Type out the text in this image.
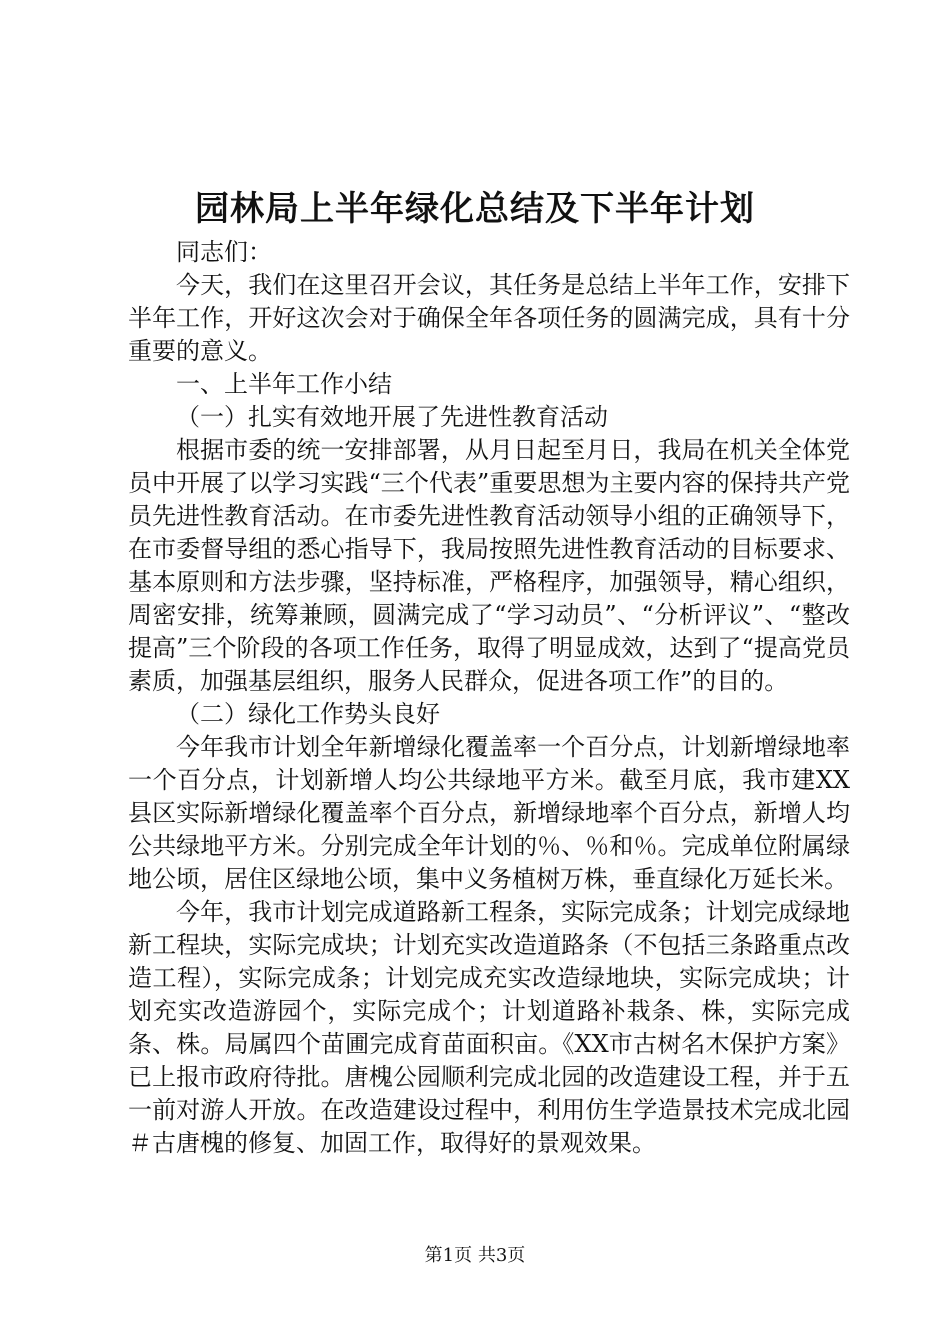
园林局上半年绿化总结及下半年计划

同志们：

今天，我们在这里召开会议，其任务是总结上半年工作，安排下半年工作，开好这次会对于确保全年各项任务的圆满完成，具有十分重要的意义。

一、上半年工作小结

（一）扎实有效地开展了先进性教育活动

根据市委的统一安排部署，从月日起至月日，我局在机关全体党员中开展了以学习实践“三个代表”重要思想为主要内容的保持共产党员先进性教育活动。在市委先进性教育活动领导小组的正确领导下，在市委督导组的悉心指导下，我局按照先进性教育活动的目标要求、基本原则和方法步骤，坚持标准，严格程序，加强领导，精心组织，周密安排，统筹兼顾，圆满完成了“学习动员”、“分析评议”、“整改提高”三个阶段的各项工作任务，取得了明显成效，达到了“提高党员素质，加强基层组织，服务人民群众，促进各项工作”的目的。

（二）绿化工作势头良好

今年我市计划全年新增绿化覆盖率一个百分点，计划新增绿地率一个百分点，计划新增人均公共绿地平方米。截至月底，我市建XX县区实际新增绿化覆盖率个百分点，新增绿地率个百分点，新增人均公共绿地平方米。分别完成全年计划的％、％和％。完成单位附属绿地公顷，居住区绿地公顷，集中义务植树万株，垂直绿化万延长米。

今年，我市计划完成道路新工程条，实际完成条；计划完成绿地新工程块，实际完成块；计划充实改造道路条（不包括三条路重点改造工程），实际完成条；计划完成充实改造绿地块，实际完成块；计划充实改造游园个，实际完成个；计划道路补栽条、株，实际完成条、株。局属四个苗圃完成育苗面积亩。《XX市古树名木保护方案》已上报市政府待批。唐槐公园顺利完成北园的改造建设工程，并于五一前对游人开放。在改造建设过程中，利用仿生学造景技术完成北园＃古唐槐的修复、加固工作，取得好的景观效果。

第1页 共3页
